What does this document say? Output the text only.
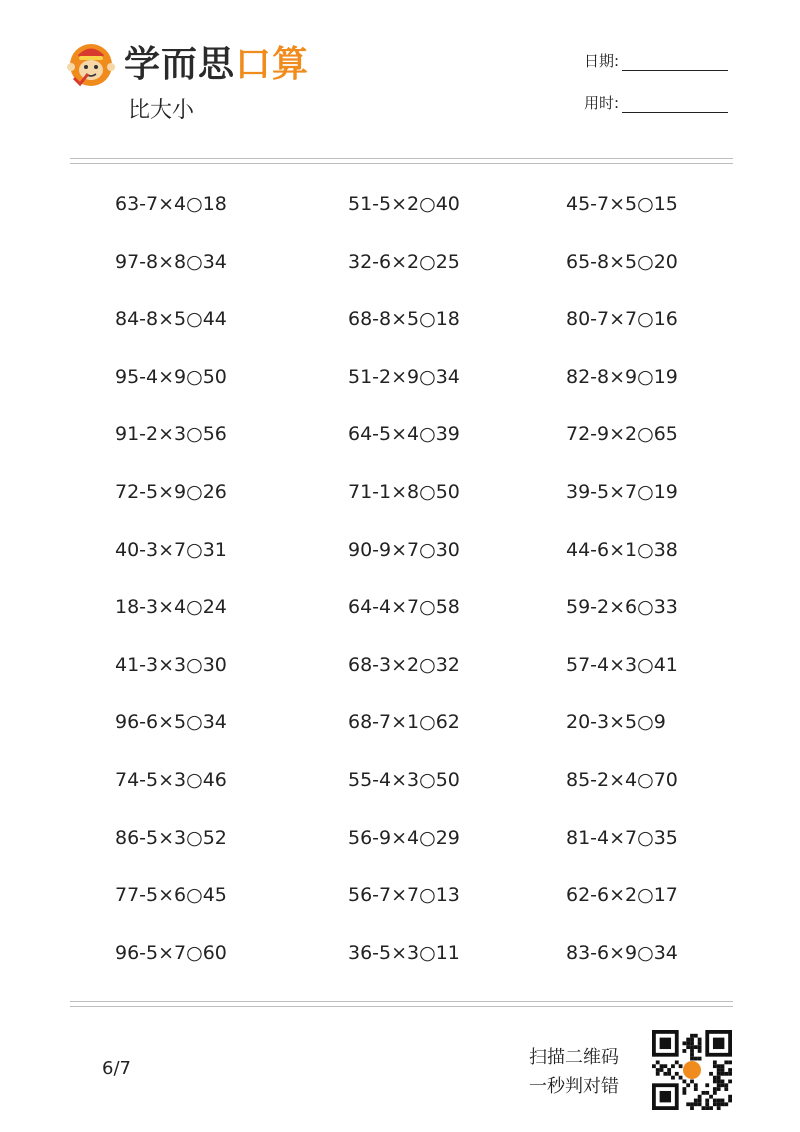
学而思口算
比大小
日期:
用时:
63-7×4○18	51-5×2○40	45-7×5○15
97-8×8○34	32-6×2○25	65-8×5○20
84-8×5○44	68-8×5○18	80-7×7○16
95-4×9○50	51-2×9○34	82-8×9○19
91-2×3○56	64-5×4○39	72-9×2○65
72-5×9○26	71-1×8○50	39-5×7○19
40-3×7○31	90-9×7○30	44-6×1○38
18-3×4○24	64-4×7○58	59-2×6○33
41-3×3○30	68-3×2○32	57-4×3○41
96-6×5○34	68-7×1○62	20-3×5○9
74-5×3○46	55-4×3○50	85-2×4○70
86-5×3○52	56-9×4○29	81-4×7○35
77-5×6○45	56-7×7○13	62-6×2○17
96-5×7○60	36-5×3○11	83-6×9○34
6/7
扫描二维码
一秒判对错
